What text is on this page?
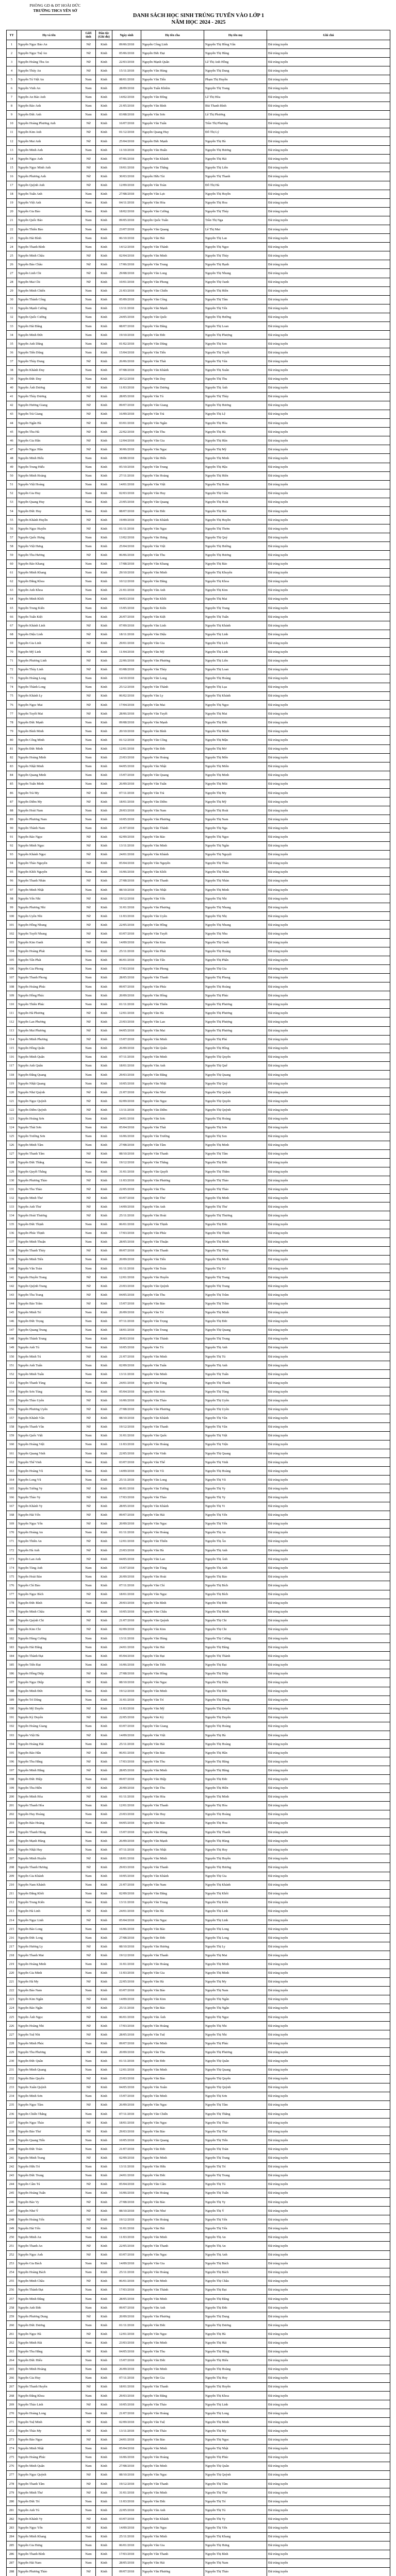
PHÒNG GD & ĐT HOÀI ĐỨC
TRƯỜNG THCS YÊN SỞ
DANH SÁCH HỌC SINH TRÚNG TUYỂN VÀO LỚP 1
NĂM HỌC 2024 - 2025
TT	Họ và tên	Giới tính	Dân tộc (Ghi đủ)	Ngày sinh	Họ tên cha	Họ tên mẹ	Ghi chú
1	Nguyễn Ngọc Bảo An	Nữ	Kinh	09/06/2018	Nguyễn Công Linh	Nguyễn Thị Hồng Vân	Đã trúng tuyển
2	Nguyễn Ngọc Tuệ An	Nữ	Kinh	05/06/2018	Nguyễn Đức Đạt	Nguyễn Thị Hằng	Đã trúng tuyển
3	Nguyễn Hoàng Thu An	Nữ	Kinh	22/03/2018	Nguyễn Mạnh Quân	Lê Thị Anh Hồng	Đã trúng tuyển
4	Nguyễn Thúy An	Nữ	Kinh	15/11/2018	Nguyễn Văn Hùng	Nguyễn Thị Dung	Đã trúng tuyển
5	Nguyễn Tú Việt An	Nam	Kinh	08/01/2018	Nguyễn Văn Tiến	Phạm Thị Huyền	Đã trúng tuyển
6	Nguyễn Vinh An	Nam	Kinh	28/09/2018	Nguyễn Tuấn Khiêm	Nguyễn Thị Trang	Đã trúng tuyển
7	Nguyễn An Bảo Anh	Nam	Kinh	14/02/2018	Nguyễn Văn Đông	Lê Thị Hòa	Đã trúng tuyển
8	Nguyễn Bảo Anh	Nam	Kinh	21/05/2018	Nguyễn Văn Bình	Bùi Thanh Bình	Đã trúng tuyển
9	Nguyễn Đức Anh	Nam	Kinh	03/08/2018	Nguyễn Văn Sơn	Lê Thị Phương	Đã trúng tuyển
10	Nguyễn Hoàng Phương Anh	Nữ	Kinh	16/07/2018	Nguyễn Văn Tuấn	Trần Thị Phương	Đã trúng tuyển
11	Nguyễn Kim Anh	Nữ	Kinh	01/12/2018	Nguyễn Quang Huy	Đỗ Thị Lý	Đã trúng tuyển
12	Nguyễn Mai Anh	Nữ	Kinh	25/04/2018	Nguyễn Đức Mạnh	Nguyễn Thị Hà	Đã trúng tuyển
13	Nguyễn Minh Anh	Nam	Kinh	11/10/2018	Nguyễn Văn Huấn	Nguyễn Thị Hương	Đã trúng tuyển
14	Nguyễn Ngọc Anh	Nữ	Kinh	07/06/2018	Nguyễn Văn Khánh	Nguyễn Thị Hải	Đã trúng tuyển
15	Nguyễn Ngọc Minh Anh	Nữ	Kinh	19/01/2018	Nguyễn Văn Thắng	Nguyễn Thị Liên	Đã trúng tuyển
16	Nguyễn Phương Anh	Nữ	Kinh	30/03/2018	Nguyễn Hữu Tài	Nguyễn Thị Thanh	Đã trúng tuyển
17	Nguyễn Quỳnh Anh	Nữ	Kinh	12/09/2018	Nguyễn Văn Toàn	Đỗ Thị Hà	Đã trúng tuyển
18	Nguyễn Tuấn Anh	Nam	Kinh	27/08/2018	Nguyễn Văn Lực	Nguyễn Thị Huyền	Đã trúng tuyển
19	Nguyễn Việt Anh	Nam	Kinh	04/11/2018	Nguyễn Văn Hòa	Nguyễn Thị Hoa	Đã trúng tuyển
20	Nguyễn Gia Bảo	Nam	Kinh	18/02/2018	Nguyễn Văn Cường	Nguyễn Thị Thúy	Đã trúng tuyển
21	Nguyễn Quốc Bảo	Nam	Kinh	09/05/2018	Nguyễn Quốc Tuấn	Trần Thị Nga	Đã trúng tuyển
22	Nguyễn Thiên Bảo	Nam	Kinh	23/07/2018	Nguyễn Văn Quang	Lê Thị Mai	Đã trúng tuyển
23	Nguyễn Hải Bình	Nam	Kinh	06/10/2018	Nguyễn Văn Hải	Nguyễn Thị Lan	Đã trúng tuyển
24	Nguyễn Thanh Bình	Nam	Kinh	14/12/2018	Nguyễn Văn Thành	Nguyễn Thị Ngọc	Đã trúng tuyển
25	Nguyễn Minh Châu	Nữ	Kinh	02/04/2018	Nguyễn Văn Minh	Nguyễn Thị Thủy	Đã trúng tuyển
26	Nguyễn Bảo Châu	Nữ	Kinh	17/06/2018	Nguyễn Văn Trung	Nguyễn Thị Hạnh	Đã trúng tuyển
27	Nguyễn Linh Chi	Nữ	Kinh	29/08/2018	Nguyễn Văn Long	Nguyễn Thị Nhung	Đã trúng tuyển
28	Nguyễn Mai Chi	Nữ	Kinh	10/01/2018	Nguyễn Văn Phong	Nguyễn Thị Oanh	Đã trúng tuyển
29	Nguyễn Minh Chiến	Nam	Kinh	21/03/2018	Nguyễn Văn Chiến	Nguyễn Thị Hiền	Đã trúng tuyển
30	Nguyễn Thành Công	Nam	Kinh	05/09/2018	Nguyễn Văn Công	Nguyễn Thị Tâm	Đã trúng tuyển
31	Nguyễn Mạnh Cường	Nam	Kinh	13/11/2018	Nguyễn Văn Mạnh	Nguyễn Thị Yến	Đã trúng tuyển
32	Nguyễn Quốc Cường	Nam	Kinh	24/05/2018	Nguyễn Văn Quốc	Nguyễn Thị Hường	Đã trúng tuyển
33	Nguyễn Hải Đăng	Nam	Kinh	08/07/2018	Nguyễn Văn Đăng	Nguyễn Thị Loan	Đã trúng tuyển
34	Nguyễn Minh Đức	Nam	Kinh	19/10/2018	Nguyễn Văn Đức	Nguyễn Thị Phượng	Đã trúng tuyển
35	Nguyễn Anh Dũng	Nam	Kinh	01/02/2018	Nguyễn Văn Dũng	Nguyễn Thị Sen	Đã trúng tuyển
36	Nguyễn Tiến Dũng	Nam	Kinh	15/04/2018	Nguyễn Văn Tiến	Nguyễn Thị Tuyết	Đã trúng tuyển
37	Nguyễn Thùy Dung	Nữ	Kinh	26/06/2018	Nguyễn Văn Thái	Nguyễn Thị Vân	Đã trúng tuyển
38	Nguyễn Khánh Duy	Nam	Kinh	07/08/2018	Nguyễn Văn Khánh	Nguyễn Thị Xuân	Đã trúng tuyển
39	Nguyễn Đức Duy	Nam	Kinh	20/12/2018	Nguyễn Văn Duy	Nguyễn Thị Thu	Đã trúng tuyển
40	Nguyễn Ánh Dương	Nữ	Kinh	11/03/2018	Nguyễn Văn Dương	Nguyễn Thị Ánh	Đã trúng tuyển
41	Nguyễn Thùy Dương	Nữ	Kinh	28/05/2018	Nguyễn Văn Tú	Nguyễn Thị Thùy	Đã trúng tuyển
42	Nguyễn Hương Giang	Nữ	Kinh	09/07/2018	Nguyễn Văn Giang	Nguyễn Thị Hương	Đã trúng tuyển
43	Nguyễn Trà Giang	Nữ	Kinh	16/09/2018	Nguyễn Văn Trà	Nguyễn Thị Lệ	Đã trúng tuyển
44	Nguyễn Ngân Hà	Nữ	Kinh	03/01/2018	Nguyễn Văn Ngân	Nguyễn Thị Hòa	Đã trúng tuyển
45	Nguyễn Thu Hà	Nữ	Kinh	22/02/2018	Nguyễn Văn Thu	Nguyễn Thị Hà	Đã trúng tuyển
46	Nguyễn Gia Hân	Nữ	Kinh	12/04/2018	Nguyễn Văn Gia	Nguyễn Thị Hân	Đã trúng tuyển
47	Nguyễn Ngọc Hân	Nữ	Kinh	30/06/2018	Nguyễn Văn Ngọc	Nguyễn Thị Mỹ	Đã trúng tuyển
48	Nguyễn Minh Hiếu	Nam	Kinh	18/08/2018	Nguyễn Văn Hiếu	Nguyễn Thị Minh	Đã trúng tuyển
49	Nguyễn Trung Hiếu	Nam	Kinh	05/10/2018	Nguyễn Văn Trung	Nguyễn Thị Hậu	Đã trúng tuyển
50	Nguyễn Minh Hoàng	Nam	Kinh	27/11/2018	Nguyễn Văn Hoàng	Nguyễn Thị Hiên	Đã trúng tuyển
51	Nguyễn Việt Hoàng	Nam	Kinh	14/01/2018	Nguyễn Văn Việt	Nguyễn Thị Hoàn	Đã trúng tuyển
52	Nguyễn Gia Huy	Nam	Kinh	02/03/2018	Nguyễn Văn Huy	Nguyễn Thị Gấm	Đã trúng tuyển
53	Nguyễn Quang Huy	Nam	Kinh	23/05/2018	Nguyễn Văn Quang	Nguyễn Thị Hoài	Đã trúng tuyển
54	Nguyễn Đức Huy	Nam	Kinh	08/07/2018	Nguyễn Văn Đức	Nguyễn Thị Hải	Đã trúng tuyển
55	Nguyễn Khánh Huyền	Nữ	Kinh	19/09/2018	Nguyễn Văn Khánh	Nguyễn Thị Huyền	Đã trúng tuyển
56	Nguyễn Ngọc Huyền	Nữ	Kinh	01/11/2018	Nguyễn Văn Ngọc	Nguyễn Thị Thơm	Đã trúng tuyển
57	Nguyễn Quốc Hưng	Nam	Kinh	13/02/2018	Nguyễn Văn Hưng	Nguyễn Thị Quý	Đã trúng tuyển
58	Nguyễn Việt Hưng	Nam	Kinh	25/04/2018	Nguyễn Văn Việt	Nguyễn Thị Hường	Đã trúng tuyển
59	Nguyễn Thu Hương	Nữ	Kinh	06/06/2018	Nguyễn Văn Thu	Nguyễn Thị Hương	Đã trúng tuyển
60	Nguyễn Bảo Khang	Nam	Kinh	17/08/2018	Nguyễn Văn Khang	Nguyễn Thị Bảo	Đã trúng tuyển
61	Nguyễn Minh Khang	Nam	Kinh	29/10/2018	Nguyễn Văn Minh	Nguyễn Thị Khuyên	Đã trúng tuyển
62	Nguyễn Đăng Khoa	Nam	Kinh	10/12/2018	Nguyễn Văn Đăng	Nguyễn Thị Khoa	Đã trúng tuyển
63	Nguyễn Anh Khoa	Nam	Kinh	21/01/2018	Nguyễn Văn Anh	Nguyễn Thị Kim	Đã trúng tuyển
64	Nguyễn Minh Khôi	Nam	Kinh	04/03/2018	Nguyễn Văn Khôi	Nguyễn Thị Mai	Đã trúng tuyển
65	Nguyễn Trung Kiên	Nam	Kinh	15/05/2018	Nguyễn Văn Kiên	Nguyễn Thị Trang	Đã trúng tuyển
66	Nguyễn Tuấn Kiệt	Nam	Kinh	26/07/2018	Nguyễn Văn Kiệt	Nguyễn Thị Tuấn	Đã trúng tuyển
67	Nguyễn Khánh Linh	Nữ	Kinh	07/09/2018	Nguyễn Văn Linh	Nguyễn Thị Khánh	Đã trúng tuyển
68	Nguyễn Diệu Linh	Nữ	Kinh	18/11/2018	Nguyễn Văn Diệu	Nguyễn Thị Linh	Đã trúng tuyển
69	Nguyễn Gia Linh	Nữ	Kinh	29/01/2018	Nguyễn Văn Gia	Nguyễn Thị Lịch	Đã trúng tuyển
70	Nguyễn Mỹ Linh	Nữ	Kinh	11/04/2018	Nguyễn Văn Mỹ	Nguyễn Thị Linh	Đã trúng tuyển
71	Nguyễn Phương Linh	Nữ	Kinh	22/06/2018	Nguyễn Văn Phương	Nguyễn Thị Liên	Đã trúng tuyển
72	Nguyễn Thùy Linh	Nữ	Kinh	03/08/2018	Nguyễn Văn Thùy	Nguyễn Thị Loan	Đã trúng tuyển
73	Nguyễn Hoàng Long	Nam	Kinh	14/10/2018	Nguyễn Văn Long	Nguyễn Thị Hoàng	Đã trúng tuyển
74	Nguyễn Thành Long	Nam	Kinh	25/12/2018	Nguyễn Văn Thành	Nguyễn Thị Lụa	Đã trúng tuyển
75	Nguyễn Khánh Ly	Nữ	Kinh	06/02/2018	Nguyễn Văn Ly	Nguyễn Thị Khánh	Đã trúng tuyển
76	Nguyễn Ngọc Mai	Nữ	Kinh	17/04/2018	Nguyễn Văn Mai	Nguyễn Thị Ngọc	Đã trúng tuyển
77	Nguyễn Tuyết Mai	Nữ	Kinh	28/06/2018	Nguyễn Văn Tuyết	Nguyễn Thị Mai	Đã trúng tuyển
78	Nguyễn Đức Mạnh	Nam	Kinh	09/08/2018	Nguyễn Văn Mạnh	Nguyễn Thị Đức	Đã trúng tuyển
79	Nguyễn Bình Minh	Nam	Kinh	20/10/2018	Nguyễn Văn Bình	Nguyễn Thị Minh	Đã trúng tuyển
80	Nguyễn Công Minh	Nam	Kinh	01/12/2018	Nguyễn Văn Công	Nguyễn Thị Mận	Đã trúng tuyển
81	Nguyễn Đức Minh	Nam	Kinh	12/01/2018	Nguyễn Văn Đức	Nguyễn Thị Mơ	Đã trúng tuyển
82	Nguyễn Hoàng Minh	Nam	Kinh	23/03/2018	Nguyễn Văn Hoàng	Nguyễn Thị Mến	Đã trúng tuyển
83	Nguyễn Nhật Minh	Nam	Kinh	04/05/2018	Nguyễn Văn Nhật	Nguyễn Thị Miên	Đã trúng tuyển
84	Nguyễn Quang Minh	Nam	Kinh	15/07/2018	Nguyễn Văn Quang	Nguyễn Thị Minh	Đã trúng tuyển
85	Nguyễn Tuấn Minh	Nam	Kinh	26/09/2018	Nguyễn Văn Tuấn	Nguyễn Thị Mùi	Đã trúng tuyển
86	Nguyễn Trà My	Nữ	Kinh	07/11/2018	Nguyễn Văn Trà	Nguyễn Thị My	Đã trúng tuyển
87	Nguyễn Diễm My	Nữ	Kinh	18/01/2018	Nguyễn Văn Diễm	Nguyễn Thị Mỹ	Đã trúng tuyển
88	Nguyễn Hoài Nam	Nam	Kinh	29/03/2018	Nguyễn Văn Nam	Nguyễn Thị Hoài	Đã trúng tuyển
89	Nguyễn Phương Nam	Nam	Kinh	10/05/2018	Nguyễn Văn Phương	Nguyễn Thị Nam	Đã trúng tuyển
90	Nguyễn Thành Nam	Nam	Kinh	21/07/2018	Nguyễn Văn Thành	Nguyễn Thị Nga	Đã trúng tuyển
91	Nguyễn Bảo Ngọc	Nữ	Kinh	02/09/2018	Nguyễn Văn Bảo	Nguyễn Thị Ngọc	Đã trúng tuyển
92	Nguyễn Minh Ngọc	Nữ	Kinh	13/11/2018	Nguyễn Văn Minh	Nguyễn Thị Ngân	Đã trúng tuyển
93	Nguyễn Khánh Ngọc	Nữ	Kinh	24/01/2018	Nguyễn Văn Khánh	Nguyễn Thị Nguyệt	Đã trúng tuyển
94	Nguyễn Thảo Nguyên	Nữ	Kinh	05/04/2018	Nguyễn Văn Nguyên	Nguyễn Thị Thảo	Đã trúng tuyển
95	Nguyễn Khôi Nguyên	Nam	Kinh	16/06/2018	Nguyễn Văn Khôi	Nguyễn Thị Nhàn	Đã trúng tuyển
96	Nguyễn Thanh Nhàn	Nữ	Kinh	27/08/2018	Nguyễn Văn Thanh	Nguyễn Thị Nhàn	Đã trúng tuyển
97	Nguyễn Minh Nhật	Nam	Kinh	08/10/2018	Nguyễn Văn Nhật	Nguyễn Thị Minh	Đã trúng tuyển
98	Nguyễn Yến Nhi	Nữ	Kinh	19/12/2018	Nguyễn Văn Yến	Nguyễn Thị Nhi	Đã trúng tuyển
99	Nguyễn Phương Nhi	Nữ	Kinh	31/01/2018	Nguyễn Văn Phương	Nguyễn Thị Nhung	Đã trúng tuyển
100	Nguyễn Uyên Nhi	Nữ	Kinh	11/03/2018	Nguyễn Văn Uyên	Nguyễn Thị Nhị	Đã trúng tuyển
101	Nguyễn Hồng Nhung	Nữ	Kinh	22/05/2018	Nguyễn Văn Hồng	Nguyễn Thị Nhung	Đã trúng tuyển
102	Nguyễn Tuyết Nhung	Nữ	Kinh	03/07/2018	Nguyễn Văn Tuyết	Nguyễn Thị Nhu	Đã trúng tuyển
103	Nguyễn Kim Oanh	Nữ	Kinh	14/09/2018	Nguyễn Văn Kim	Nguyễn Thị Oanh	Đã trúng tuyển
104	Nguyễn Hoàng Phát	Nam	Kinh	25/11/2018	Nguyễn Văn Phát	Nguyễn Thị Hoàng	Đã trúng tuyển
105	Nguyễn Tấn Phát	Nam	Kinh	06/01/2018	Nguyễn Văn Tấn	Nguyễn Thị Phấn	Đã trúng tuyển
106	Nguyễn Gia Phong	Nam	Kinh	17/03/2018	Nguyễn Văn Phong	Nguyễn Thị Gia	Đã trúng tuyển
107	Nguyễn Thanh Phong	Nam	Kinh	28/05/2018	Nguyễn Văn Thanh	Nguyễn Thị Phong	Đã trúng tuyển
108	Nguyễn Hoàng Phúc	Nam	Kinh	09/07/2018	Nguyễn Văn Phúc	Nguyễn Thị Hoàng	Đã trúng tuyển
109	Nguyễn Hồng Phúc	Nam	Kinh	20/09/2018	Nguyễn Văn Hồng	Nguyễn Thị Phúc	Đã trúng tuyển
110	Nguyễn Thiên Phúc	Nam	Kinh	01/11/2018	Nguyễn Văn Thiên	Nguyễn Thị Phương	Đã trúng tuyển
111	Nguyễn Hà Phương	Nữ	Kinh	12/01/2018	Nguyễn Văn Hà	Nguyễn Thị Phương	Đã trúng tuyển
112	Nguyễn Lan Phương	Nữ	Kinh	23/03/2018	Nguyễn Văn Lan	Nguyễn Thị Phượng	Đã trúng tuyển
113	Nguyễn Mai Phương	Nữ	Kinh	04/05/2018	Nguyễn Văn Mai	Nguyễn Thị Phương	Đã trúng tuyển
114	Nguyễn Minh Phương	Nữ	Kinh	15/07/2018	Nguyễn Văn Minh	Nguyễn Thị Phú	Đã trúng tuyển
115	Nguyễn Hồng Quân	Nam	Kinh	26/09/2018	Nguyễn Văn Quân	Nguyễn Thị Hồng	Đã trúng tuyển
116	Nguyễn Minh Quân	Nam	Kinh	07/11/2018	Nguyễn Văn Minh	Nguyễn Thị Quyên	Đã trúng tuyển
117	Nguyễn Anh Quân	Nam	Kinh	18/01/2018	Nguyễn Văn Anh	Nguyễn Thị Quế	Đã trúng tuyển
118	Nguyễn Đăng Quang	Nam	Kinh	29/03/2018	Nguyễn Văn Đăng	Nguyễn Thị Quang	Đã trúng tuyển
119	Nguyễn Nhật Quang	Nam	Kinh	10/05/2018	Nguyễn Văn Nhật	Nguyễn Thị Quý	Đã trúng tuyển
120	Nguyễn Như Quỳnh	Nữ	Kinh	21/07/2018	Nguyễn Văn Như	Nguyễn Thị Quỳnh	Đã trúng tuyển
121	Nguyễn Ngọc Quỳnh	Nữ	Kinh	02/09/2018	Nguyễn Văn Ngọc	Nguyễn Thị Quyên	Đã trúng tuyển
122	Nguyễn Diễm Quỳnh	Nữ	Kinh	13/11/2018	Nguyễn Văn Diễm	Nguyễn Thị Quỳnh	Đã trúng tuyển
123	Nguyễn Hoàng Sơn	Nam	Kinh	24/01/2018	Nguyễn Văn Sơn	Nguyễn Thị Hoàng	Đã trúng tuyển
124	Nguyễn Thái Sơn	Nam	Kinh	05/04/2018	Nguyễn Văn Thái	Nguyễn Thị Sơn	Đã trúng tuyển
125	Nguyễn Trường Sơn	Nam	Kinh	16/06/2018	Nguyễn Văn Trường	Nguyễn Thị Sen	Đã trúng tuyển
126	Nguyễn Minh Tâm	Nam	Kinh	27/08/2018	Nguyễn Văn Tâm	Nguyễn Thị Minh	Đã trúng tuyển
127	Nguyễn Thanh Tâm	Nữ	Kinh	08/10/2018	Nguyễn Văn Thanh	Nguyễn Thị Tâm	Đã trúng tuyển
128	Nguyễn Đức Thắng	Nam	Kinh	19/12/2018	Nguyễn Văn Thắng	Nguyễn Thị Đức	Đã trúng tuyển
129	Nguyễn Quyết Thắng	Nam	Kinh	31/01/2018	Nguyễn Văn Quyết	Nguyễn Thị Thắm	Đã trúng tuyển
130	Nguyễn Phương Thảo	Nữ	Kinh	11/03/2018	Nguyễn Văn Phương	Nguyễn Thị Thảo	Đã trúng tuyển
131	Nguyễn Thu Thảo	Nữ	Kinh	22/05/2018	Nguyễn Văn Thu	Nguyễn Thị Thảo	Đã trúng tuyển
132	Nguyễn Minh Thư	Nữ	Kinh	03/07/2018	Nguyễn Văn Thư	Nguyễn Thị Minh	Đã trúng tuyển
133	Nguyễn Anh Thư	Nữ	Kinh	14/09/2018	Nguyễn Văn Anh	Nguyễn Thị Thư	Đã trúng tuyển
134	Nguyễn Hoài Thương	Nữ	Kinh	25/11/2018	Nguyễn Văn Hoài	Nguyễn Thị Thương	Đã trúng tuyển
135	Nguyễn Đức Thịnh	Nam	Kinh	06/01/2018	Nguyễn Văn Thịnh	Nguyễn Thị Đức	Đã trúng tuyển
136	Nguyễn Phúc Thịnh	Nam	Kinh	17/03/2018	Nguyễn Văn Phúc	Nguyễn Thị Thịnh	Đã trúng tuyển
137	Nguyễn Minh Thuận	Nam	Kinh	28/05/2018	Nguyễn Văn Thuận	Nguyễn Thị Minh	Đã trúng tuyển
138	Nguyễn Thanh Thủy	Nữ	Kinh	09/07/2018	Nguyễn Văn Thanh	Nguyễn Thị Thủy	Đã trúng tuyển
139	Nguyễn Minh Tiến	Nam	Kinh	20/09/2018	Nguyễn Văn Tiến	Nguyễn Thị Minh	Đã trúng tuyển
140	Nguyễn Văn Toàn	Nam	Kinh	01/11/2018	Nguyễn Văn Toàn	Nguyễn Thị Tơ	Đã trúng tuyển
141	Nguyễn Huyền Trang	Nữ	Kinh	12/01/2018	Nguyễn Văn Huyền	Nguyễn Thị Trang	Đã trúng tuyển
142	Nguyễn Quỳnh Trang	Nữ	Kinh	23/03/2018	Nguyễn Văn Quỳnh	Nguyễn Thị Trang	Đã trúng tuyển
143	Nguyễn Thu Trang	Nữ	Kinh	04/05/2018	Nguyễn Văn Thu	Nguyễn Thị Trâm	Đã trúng tuyển
144	Nguyễn Bảo Trâm	Nữ	Kinh	15/07/2018	Nguyễn Văn Bảo	Nguyễn Thị Trâm	Đã trúng tuyển
145	Nguyễn Minh Trí	Nam	Kinh	26/09/2018	Nguyễn Văn Trí	Nguyễn Thị Minh	Đã trúng tuyển
146	Nguyễn Đức Trọng	Nam	Kinh	07/11/2018	Nguyễn Văn Trọng	Nguyễn Thị Đức	Đã trúng tuyển
147	Nguyễn Quang Trung	Nam	Kinh	18/01/2018	Nguyễn Văn Trung	Nguyễn Thị Quang	Đã trúng tuyển
148	Nguyễn Thành Trung	Nam	Kinh	29/03/2018	Nguyễn Văn Thành	Nguyễn Thị Trung	Đã trúng tuyển
149	Nguyễn Anh Tú	Nam	Kinh	10/05/2018	Nguyễn Văn Tú	Nguyễn Thị Anh	Đã trúng tuyển
150	Nguyễn Minh Tú	Nữ	Kinh	21/07/2018	Nguyễn Văn Minh	Nguyễn Thị Tú	Đã trúng tuyển
151	Nguyễn Anh Tuấn	Nam	Kinh	02/09/2018	Nguyễn Văn Tuấn	Nguyễn Thị Anh	Đã trúng tuyển
152	Nguyễn Minh Tuấn	Nam	Kinh	13/11/2018	Nguyễn Văn Minh	Nguyễn Thị Tuấn	Đã trúng tuyển
153	Nguyễn Thanh Tùng	Nam	Kinh	24/01/2018	Nguyễn Văn Tùng	Nguyễn Thị Thanh	Đã trúng tuyển
154	Nguyễn Sơn Tùng	Nam	Kinh	05/04/2018	Nguyễn Văn Sơn	Nguyễn Thị Tùng	Đã trúng tuyển
155	Nguyễn Thảo Uyên	Nữ	Kinh	16/06/2018	Nguyễn Văn Thảo	Nguyễn Thị Uyên	Đã trúng tuyển
156	Nguyễn Phương Uyên	Nữ	Kinh	27/08/2018	Nguyễn Văn Phương	Nguyễn Thị Uyên	Đã trúng tuyển
157	Nguyễn Khánh Vân	Nữ	Kinh	08/10/2018	Nguyễn Văn Khánh	Nguyễn Thị Vân	Đã trúng tuyển
158	Nguyễn Thanh Vân	Nữ	Kinh	19/12/2018	Nguyễn Văn Thanh	Nguyễn Thị Vân	Đã trúng tuyển
159	Nguyễn Quốc Việt	Nam	Kinh	31/01/2018	Nguyễn Văn Quốc	Nguyễn Thị Việt	Đã trúng tuyển
160	Nguyễn Hoàng Việt	Nam	Kinh	11/03/2018	Nguyễn Văn Hoàng	Nguyễn Thị Viện	Đã trúng tuyển
161	Nguyễn Quang Vinh	Nam	Kinh	22/05/2018	Nguyễn Văn Vinh	Nguyễn Thị Quang	Đã trúng tuyển
162	Nguyễn Thế Vinh	Nam	Kinh	03/07/2018	Nguyễn Văn Thế	Nguyễn Thị Vinh	Đã trúng tuyển
163	Nguyễn Hoàng Vũ	Nam	Kinh	14/09/2018	Nguyễn Văn Vũ	Nguyễn Thị Hoàng	Đã trúng tuyển
164	Nguyễn Long Vũ	Nam	Kinh	25/11/2018	Nguyễn Văn Long	Nguyễn Thị Vũ	Đã trúng tuyển
165	Nguyễn Tường Vy	Nữ	Kinh	06/01/2018	Nguyễn Văn Tường	Nguyễn Thị Vy	Đã trúng tuyển
166	Nguyễn Thảo Vy	Nữ	Kinh	17/03/2018	Nguyễn Văn Thảo	Nguyễn Thị Vy	Đã trúng tuyển
167	Nguyễn Khánh Vy	Nữ	Kinh	28/05/2018	Nguyễn Văn Khánh	Nguyễn Thị Vi	Đã trúng tuyển
168	Nguyễn Hải Yến	Nữ	Kinh	09/07/2018	Nguyễn Văn Hải	Nguyễn Thị Yến	Đã trúng tuyển
169	Nguyễn Ngọc Yến	Nữ	Kinh	20/09/2018	Nguyễn Văn Ngọc	Nguyễn Thị Yến	Đã trúng tuyển
170	Nguyễn Hoàng An	Nam	Kinh	01/11/2018	Nguyễn Văn Hoàng	Nguyễn Thị An	Đã trúng tuyển
171	Nguyễn Thiên An	Nữ	Kinh	12/01/2018	Nguyễn Văn Thiên	Nguyễn Thị Ân	Đã trúng tuyển
172	Nguyễn Hà Anh	Nữ	Kinh	23/03/2018	Nguyễn Văn Hà	Nguyễn Thị Anh	Đã trúng tuyển
173	Nguyễn Lan Anh	Nữ	Kinh	04/05/2018	Nguyễn Văn Lan	Nguyễn Thị Ánh	Đã trúng tuyển
174	Nguyễn Tùng Anh	Nam	Kinh	15/07/2018	Nguyễn Văn Tùng	Nguyễn Thị Anh	Đã trúng tuyển
175	Nguyễn Hoài Bảo	Nam	Kinh	26/09/2018	Nguyễn Văn Hoài	Nguyễn Thị Bảo	Đã trúng tuyển
176	Nguyễn Chí Bảo	Nam	Kinh	07/11/2018	Nguyễn Văn Chí	Nguyễn Thị Bích	Đã trúng tuyển
177	Nguyễn Ngọc Bích	Nữ	Kinh	18/01/2018	Nguyễn Văn Ngọc	Nguyễn Thị Bích	Đã trúng tuyển
178	Nguyễn Đức Bình	Nam	Kinh	29/03/2018	Nguyễn Văn Bình	Nguyễn Thị Đức	Đã trúng tuyển
179	Nguyễn Minh Châu	Nữ	Kinh	10/05/2018	Nguyễn Văn Châu	Nguyễn Thị Minh	Đã trúng tuyển
180	Nguyễn Quỳnh Chi	Nữ	Kinh	21/07/2018	Nguyễn Văn Quỳnh	Nguyễn Thị Chi	Đã trúng tuyển
181	Nguyễn Kim Chi	Nữ	Kinh	02/09/2018	Nguyễn Văn Kim	Nguyễn Thị Chi	Đã trúng tuyển
182	Nguyễn Hùng Cường	Nam	Kinh	13/11/2018	Nguyễn Văn Hùng	Nguyễn Thị Cường	Đã trúng tuyển
183	Nguyễn Hải Đăng	Nam	Kinh	24/01/2018	Nguyễn Văn Hải	Nguyễn Thị Đăng	Đã trúng tuyển
184	Nguyễn Thành Đạt	Nam	Kinh	05/04/2018	Nguyễn Văn Đạt	Nguyễn Thị Thành	Đã trúng tuyển
185	Nguyễn Tiến Đạt	Nam	Kinh	16/06/2018	Nguyễn Văn Tiến	Nguyễn Thị Đạt	Đã trúng tuyển
186	Nguyễn Hồng Diệp	Nữ	Kinh	27/08/2018	Nguyễn Văn Hồng	Nguyễn Thị Diệp	Đã trúng tuyển
187	Nguyễn Ngọc Diệp	Nữ	Kinh	08/10/2018	Nguyễn Văn Ngọc	Nguyễn Thị Diệu	Đã trúng tuyển
188	Nguyễn Minh Đức	Nam	Kinh	19/12/2018	Nguyễn Văn Minh	Nguyễn Thị Đức	Đã trúng tuyển
189	Nguyễn Trí Dũng	Nam	Kinh	31/01/2018	Nguyễn Văn Trí	Nguyễn Thị Dũng	Đã trúng tuyển
190	Nguyễn Mỹ Duyên	Nữ	Kinh	11/03/2018	Nguyễn Văn Mỹ	Nguyễn Thị Duyên	Đã trúng tuyển
191	Nguyễn Kỳ Duyên	Nữ	Kinh	22/05/2018	Nguyễn Văn Kỳ	Nguyễn Thị Duyên	Đã trúng tuyển
192	Nguyễn Hoàng Giang	Nam	Kinh	03/07/2018	Nguyễn Văn Giang	Nguyễn Thị Hoàng	Đã trúng tuyển
193	Nguyễn Việt Hà	Nữ	Kinh	14/09/2018	Nguyễn Văn Việt	Nguyễn Thị Hà	Đã trúng tuyển
194	Nguyễn Hoàng Hải	Nam	Kinh	25/11/2018	Nguyễn Văn Hải	Nguyễn Thị Hoàng	Đã trúng tuyển
195	Nguyễn Bảo Hân	Nữ	Kinh	06/01/2018	Nguyễn Văn Bảo	Nguyễn Thị Hân	Đã trúng tuyển
196	Nguyễn Thu Hằng	Nữ	Kinh	17/03/2018	Nguyễn Văn Thu	Nguyễn Thị Hằng	Đã trúng tuyển
197	Nguyễn Minh Hằng	Nữ	Kinh	28/05/2018	Nguyễn Văn Minh	Nguyễn Thị Hằng	Đã trúng tuyển
198	Nguyễn Đức Hiệp	Nam	Kinh	09/07/2018	Nguyễn Văn Hiệp	Nguyễn Thị Đức	Đã trúng tuyển
199	Nguyễn Thu Hiền	Nữ	Kinh	20/09/2018	Nguyễn Văn Thu	Nguyễn Thị Hiền	Đã trúng tuyển
200	Nguyễn Minh Hòa	Nữ	Kinh	01/11/2018	Nguyễn Văn Hòa	Nguyễn Thị Minh	Đã trúng tuyển
201	Nguyễn Thanh Hòa	Nam	Kinh	12/01/2018	Nguyễn Văn Thanh	Nguyễn Thị Hòa	Đã trúng tuyển
202	Nguyễn Huy Hoàng	Nam	Kinh	23/03/2018	Nguyễn Văn Huy	Nguyễn Thị Hoàng	Đã trúng tuyển
203	Nguyễn Bảo Hoàng	Nam	Kinh	04/05/2018	Nguyễn Văn Bảo	Nguyễn Thị Hoa	Đã trúng tuyển
204	Nguyễn Thanh Hùng	Nam	Kinh	15/07/2018	Nguyễn Văn Hùng	Nguyễn Thị Thanh	Đã trúng tuyển
205	Nguyễn Mạnh Hùng	Nam	Kinh	26/09/2018	Nguyễn Văn Mạnh	Nguyễn Thị Hùng	Đã trúng tuyển
206	Nguyễn Nhật Huy	Nam	Kinh	07/11/2018	Nguyễn Văn Nhật	Nguyễn Thị Huy	Đã trúng tuyển
207	Nguyễn Minh Huyền	Nữ	Kinh	18/01/2018	Nguyễn Văn Minh	Nguyễn Thị Huyền	Đã trúng tuyển
208	Nguyễn Thanh Hương	Nữ	Kinh	29/03/2018	Nguyễn Văn Thanh	Nguyễn Thị Hương	Đã trúng tuyển
209	Nguyễn Gia Khánh	Nam	Kinh	10/05/2018	Nguyễn Văn Khánh	Nguyễn Thị Gia	Đã trúng tuyển
210	Nguyễn Nam Khánh	Nam	Kinh	21/07/2018	Nguyễn Văn Nam	Nguyễn Thị Khánh	Đã trúng tuyển
211	Nguyễn Đăng Khôi	Nam	Kinh	02/09/2018	Nguyễn Văn Đăng	Nguyễn Thị Khôi	Đã trúng tuyển
212	Nguyễn Trung Kiên	Nam	Kinh	13/11/2018	Nguyễn Văn Trung	Nguyễn Thị Kiên	Đã trúng tuyển
213	Nguyễn Hà Linh	Nữ	Kinh	24/01/2018	Nguyễn Văn Hà	Nguyễn Thị Linh	Đã trúng tuyển
214	Nguyễn Ngọc Linh	Nữ	Kinh	05/04/2018	Nguyễn Văn Ngọc	Nguyễn Thị Linh	Đã trúng tuyển
215	Nguyễn Bảo Long	Nam	Kinh	16/06/2018	Nguyễn Văn Bảo	Nguyễn Thị Long	Đã trúng tuyển
216	Nguyễn Đức Long	Nam	Kinh	27/08/2018	Nguyễn Văn Đức	Nguyễn Thị Long	Đã trúng tuyển
217	Nguyễn Hương Ly	Nữ	Kinh	08/10/2018	Nguyễn Văn Hương	Nguyễn Thị Ly	Đã trúng tuyển
218	Nguyễn Thanh Mai	Nữ	Kinh	19/12/2018	Nguyễn Văn Thanh	Nguyễn Thị Mai	Đã trúng tuyển
219	Nguyễn Hoàng Minh	Nam	Kinh	31/01/2018	Nguyễn Văn Hoàng	Nguyễn Thị Minh	Đã trúng tuyển
220	Nguyễn Gia Minh	Nam	Kinh	11/03/2018	Nguyễn Văn Gia	Nguyễn Thị Minh	Đã trúng tuyển
221	Nguyễn Hà My	Nữ	Kinh	22/05/2018	Nguyễn Văn Hà	Nguyễn Thị My	Đã trúng tuyển
222	Nguyễn Bảo Nam	Nam	Kinh	03/07/2018	Nguyễn Văn Bảo	Nguyễn Thị Nam	Đã trúng tuyển
223	Nguyễn Kim Ngân	Nữ	Kinh	14/09/2018	Nguyễn Văn Kim	Nguyễn Thị Ngân	Đã trúng tuyển
224	Nguyễn Bảo Ngân	Nữ	Kinh	25/11/2018	Nguyễn Văn Bảo	Nguyễn Thị Ngân	Đã trúng tuyển
225	Nguyễn Ánh Ngọc	Nữ	Kinh	06/01/2018	Nguyễn Văn Ánh	Nguyễn Thị Ngọc	Đã trúng tuyển
226	Nguyễn Hoàng Nhi	Nữ	Kinh	17/03/2018	Nguyễn Văn Hoàng	Nguyễn Thị Nhi	Đã trúng tuyển
227	Nguyễn Tuệ Nhi	Nữ	Kinh	28/05/2018	Nguyễn Văn Tuệ	Nguyễn Thị Nhi	Đã trúng tuyển
228	Nguyễn Minh Phúc	Nam	Kinh	09/07/2018	Nguyễn Văn Minh	Nguyễn Thị Phúc	Đã trúng tuyển
229	Nguyễn Thu Phương	Nữ	Kinh	20/09/2018	Nguyễn Văn Thu	Nguyễn Thị Phương	Đã trúng tuyển
230	Nguyễn Đức Quân	Nam	Kinh	01/11/2018	Nguyễn Văn Đức	Nguyễn Thị Quân	Đã trúng tuyển
231	Nguyễn Minh Quang	Nam	Kinh	12/01/2018	Nguyễn Văn Minh	Nguyễn Thị Quang	Đã trúng tuyển
232	Nguyễn Bảo Quyên	Nữ	Kinh	23/03/2018	Nguyễn Văn Bảo	Nguyễn Thị Quyên	Đã trúng tuyển
233	Nguyễn Xuân Quỳnh	Nữ	Kinh	04/05/2018	Nguyễn Văn Xuân	Nguyễn Thị Quỳnh	Đã trúng tuyển
234	Nguyễn Minh Sơn	Nam	Kinh	15/07/2018	Nguyễn Văn Minh	Nguyễn Thị Sơn	Đã trúng tuyển
235	Nguyễn Ngọc Tâm	Nữ	Kinh	26/09/2018	Nguyễn Văn Ngọc	Nguyễn Thị Tâm	Đã trúng tuyển
236	Nguyễn Chiến Thắng	Nam	Kinh	07/11/2018	Nguyễn Văn Chiến	Nguyễn Thị Thắng	Đã trúng tuyển
237	Nguyễn Ngọc Thảo	Nữ	Kinh	18/01/2018	Nguyễn Văn Ngọc	Nguyễn Thị Thảo	Đã trúng tuyển
238	Nguyễn Bảo Thư	Nữ	Kinh	29/03/2018	Nguyễn Văn Bảo	Nguyễn Thị Thư	Đã trúng tuyển
239	Nguyễn Quang Tiến	Nam	Kinh	10/05/2018	Nguyễn Văn Quang	Nguyễn Thị Tiến	Đã trúng tuyển
240	Nguyễn Đức Toàn	Nam	Kinh	21/07/2018	Nguyễn Văn Đức	Nguyễn Thị Toàn	Đã trúng tuyển
241	Nguyễn Minh Trang	Nữ	Kinh	02/09/2018	Nguyễn Văn Minh	Nguyễn Thị Trang	Đã trúng tuyển
242	Nguyễn Hữu Trí	Nam	Kinh	13/11/2018	Nguyễn Văn Hữu	Nguyễn Thị Trí	Đã trúng tuyển
243	Nguyễn Đức Trung	Nam	Kinh	24/01/2018	Nguyễn Văn Đức	Nguyễn Thị Trung	Đã trúng tuyển
244	Nguyễn Cẩm Tú	Nữ	Kinh	05/04/2018	Nguyễn Văn Cẩm	Nguyễn Thị Tú	Đã trúng tuyển
245	Nguyễn Hoàng Tuấn	Nam	Kinh	16/06/2018	Nguyễn Văn Hoàng	Nguyễn Thị Tuấn	Đã trúng tuyển
246	Nguyễn Bảo Vy	Nữ	Kinh	27/08/2018	Nguyễn Văn Bảo	Nguyễn Thị Vy	Đã trúng tuyển
247	Nguyễn Như Ý	Nữ	Kinh	08/10/2018	Nguyễn Văn Như	Nguyễn Thị Ý	Đã trúng tuyển
248	Nguyễn Hoàng Yến	Nữ	Kinh	19/12/2018	Nguyễn Văn Hoàng	Nguyễn Thị Yến	Đã trúng tuyển
249	Nguyễn Hải Yến	Nữ	Kinh	31/01/2018	Nguyễn Văn Hải	Nguyễn Thị Yến	Đã trúng tuyển
250	Nguyễn Minh An	Nam	Kinh	11/03/2018	Nguyễn Văn Minh	Nguyễn Thị An	Đã trúng tuyển
251	Nguyễn Thanh An	Nữ	Kinh	22/05/2018	Nguyễn Văn Thanh	Nguyễn Thị An	Đã trúng tuyển
252	Nguyễn Ngọc Anh	Nữ	Kinh	03/07/2018	Nguyễn Văn Ngọc	Nguyễn Thị Anh	Đã trúng tuyển
253	Nguyễn Gia Bách	Nam	Kinh	14/09/2018	Nguyễn Văn Gia	Nguyễn Thị Bách	Đã trúng tuyển
254	Nguyễn Hoàng Bách	Nam	Kinh	25/11/2018	Nguyễn Văn Hoàng	Nguyễn Thị Bách	Đã trúng tuyển
255	Nguyễn Minh Châu	Nữ	Kinh	06/01/2018	Nguyễn Văn Minh	Nguyễn Thị Châu	Đã trúng tuyển
256	Nguyễn Thành Đạt	Nam	Kinh	17/03/2018	Nguyễn Văn Thành	Nguyễn Thị Đạt	Đã trúng tuyển
257	Nguyễn Minh Đăng	Nam	Kinh	28/05/2018	Nguyễn Văn Minh	Nguyễn Thị Đăng	Đã trúng tuyển
258	Nguyễn Anh Đức	Nam	Kinh	09/07/2018	Nguyễn Văn Anh	Nguyễn Thị Đức	Đã trúng tuyển
259	Nguyễn Phương Dung	Nữ	Kinh	20/09/2018	Nguyễn Văn Phương	Nguyễn Thị Dung	Đã trúng tuyển
260	Nguyễn Đức Dương	Nam	Kinh	01/11/2018	Nguyễn Văn Đức	Nguyễn Thị Dương	Đã trúng tuyển
261	Nguyễn Ngọc Hà	Nữ	Kinh	12/01/2018	Nguyễn Văn Ngọc	Nguyễn Thị Hà	Đã trúng tuyển
262	Nguyễn Minh Hải	Nam	Kinh	23/03/2018	Nguyễn Văn Minh	Nguyễn Thị Hải	Đã trúng tuyển
263	Nguyễn Thu Hằng	Nữ	Kinh	04/05/2018	Nguyễn Văn Thu	Nguyễn Thị Hằng	Đã trúng tuyển
264	Nguyễn Đức Hiếu	Nam	Kinh	15/07/2018	Nguyễn Văn Đức	Nguyễn Thị Hiếu	Đã trúng tuyển
265	Nguyễn Minh Hoàng	Nam	Kinh	26/09/2018	Nguyễn Văn Minh	Nguyễn Thị Hoàng	Đã trúng tuyển
266	Nguyễn Gia Huy	Nam	Kinh	07/11/2018	Nguyễn Văn Gia	Nguyễn Thị Huy	Đã trúng tuyển
267	Nguyễn Thanh Huyền	Nữ	Kinh	18/01/2018	Nguyễn Văn Thanh	Nguyễn Thị Huyền	Đã trúng tuyển
268	Nguyễn Đăng Khoa	Nam	Kinh	29/03/2018	Nguyễn Văn Đăng	Nguyễn Thị Khoa	Đã trúng tuyển
269	Nguyễn Thảo Linh	Nữ	Kinh	10/05/2018	Nguyễn Văn Thảo	Nguyễn Thị Linh	Đã trúng tuyển
270	Nguyễn Hoàng Long	Nam	Kinh	21/07/2018	Nguyễn Văn Hoàng	Nguyễn Thị Long	Đã trúng tuyển
271	Nguyễn Tuệ Minh	Nữ	Kinh	02/09/2018	Nguyễn Văn Tuệ	Nguyễn Thị Minh	Đã trúng tuyển
272	Nguyễn Thảo My	Nữ	Kinh	13/11/2018	Nguyễn Văn Thảo	Nguyễn Thị My	Đã trúng tuyển
273	Nguyễn Bảo Ngọc	Nữ	Kinh	24/01/2018	Nguyễn Văn Bảo	Nguyễn Thị Ngọc	Đã trúng tuyển
274	Nguyễn Minh Nhật	Nam	Kinh	05/04/2018	Nguyễn Văn Minh	Nguyễn Thị Nhật	Đã trúng tuyển
275	Nguyễn Hoàng Phúc	Nam	Kinh	16/06/2018	Nguyễn Văn Hoàng	Nguyễn Thị Phúc	Đã trúng tuyển
276	Nguyễn Minh Quân	Nam	Kinh	27/08/2018	Nguyễn Văn Minh	Nguyễn Thị Quân	Đã trúng tuyển
277	Nguyễn Ngọc Quỳnh	Nữ	Kinh	08/10/2018	Nguyễn Văn Ngọc	Nguyễn Thị Quỳnh	Đã trúng tuyển
278	Nguyễn Thanh Tâm	Nữ	Kinh	19/12/2018	Nguyễn Văn Thanh	Nguyễn Thị Tâm	Đã trúng tuyển
279	Nguyễn Minh Thư	Nữ	Kinh	31/01/2018	Nguyễn Văn Minh	Nguyễn Thị Thư	Đã trúng tuyển
280	Nguyễn Đức Trí	Nam	Kinh	11/03/2018	Nguyễn Văn Đức	Nguyễn Thị Trí	Đã trúng tuyển
281	Nguyễn Anh Tú	Nam	Kinh	22/05/2018	Nguyễn Văn Anh	Nguyễn Thị Tú	Đã trúng tuyển
282	Nguyễn Khánh Vy	Nữ	Kinh	03/07/2018	Nguyễn Văn Khánh	Nguyễn Thị Vy	Đã trúng tuyển
283	Nguyễn Ngọc Yến	Nữ	Kinh	14/09/2018	Nguyễn Văn Ngọc	Nguyễn Thị Yến	Đã trúng tuyển
284	Nguyễn Minh Khang	Nam	Kinh	25/11/2018	Nguyễn Văn Minh	Nguyễn Thị Khang	Đã trúng tuyển
285	Nguyễn Gia Hưng	Nam	Kinh	06/01/2018	Nguyễn Văn Gia	Nguyễn Thị Hưng	Đã trúng tuyển
286	Nguyễn Thanh Bình	Nam	Kinh	17/03/2018	Nguyễn Văn Thanh	Nguyễn Thị Bình	Đã trúng tuyển
287	Nguyễn Hải Nam	Nam	Kinh	28/05/2018	Nguyễn Văn Hải	Nguyễn Thị Nam	Đã trúng tuyển
288	Nguyễn Phương Thảo	Nữ	Kinh	09/07/2018	Nguyễn Văn Phương	Nguyễn Thị Thảo	Đã trúng tuyển
